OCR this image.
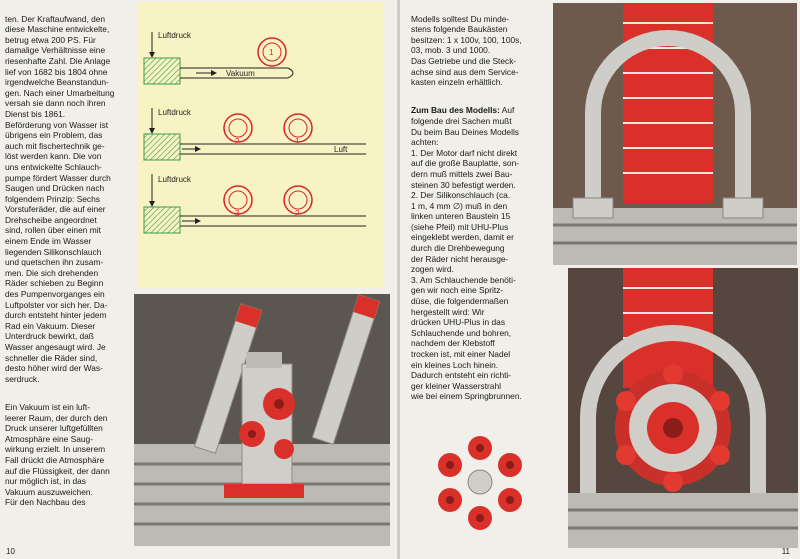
ten. Der Kraftaufwand, den
diese Maschine entwickelte,
betrug etwa 200 PS. Für
damalige Verhältnisse eine
riesenhafte Zahl. Die Anlage
lief von 1682 bis 1804 ohne
irgendwelche Beanstandun-
gen. Nach einer Umarbeitung
versah sie dann noch ihren
Dienst bis 1861.
Beförderung von Wasser ist
übrigens ein Problem, das
auch mit fischertechnik ge-
löst werden kann. Die von
uns entwickelte Schlauch-
pumpe fördert Wasser durch
Saugen und Drücken nach
folgendem Prinzip: Sechs
Vorstuferäder, die auf einer
Drehscheibe angeordnet
sind, rollen über einen mit
einem Ende im Wasser
liegenden Silikonschlauch
und quetschen ihn zusam-
men. Die sich drehenden
Räder schieben zu Beginn
des Pumpenvorganges ein
Luftpolster vor sich her. Da-
durch entsteht hinter jedem
Rad ein Vakuum. Dieser
Unterdruck bewirkt, daß
Wasser angesaugt wird. Je
schneller die Räder sind,
desto höher wird der Was-
serdruck.

Ein Vakuum ist ein luft-
leerer Raum, der durch den
Druck unserer luftgefüllten
Atmosphäre eine Saug-
wirkung erzielt. In unserem
Fall drückt die Atmosphäre
auf die Flüssigkeit, der dann
nur möglich ist, in das
Vakuum auszuweichen.
Für den Nachbau des

Luftdruck
Vakuum
1
Luftdruck
Luft
2	1
Luftdruck
3	2
10

Modells solltest Du minde-
stens folgende Baukästen
besitzen: 1 x 100v, 100, 100s,
03, mob. 3 und 1000.
Das Getriebe und die Steck-
achse sind aus dem Service-
kasten einzeln erhältlich.

Zum Bau des Modells: Auf
folgende drei Sachen mußt
Du beim Bau Deines Modells
achten:
1. Der Motor darf nicht direkt
auf die große Bauplatte, son-
dern muß mittels zwei Bau-
steinen 30 befestigt werden.
2. Der Silikonschlauch (ca.
1 m, 4 mm ∅) muß in den
linken unteren Baustein 15
(siehe Pfeil) mit UHU-Plus
eingeklebt werden, damit er
durch die Drehbewegung
der Räder nicht herausge-
zogen wird.
3. Am Schlauchende benöti-
gen wir noch eine Spritz-
düse, die folgendermaßen
hergestellt wird: Wir
drücken UHU-Plus in das
Schlauchende und bohren,
nachdem der Klebstoff
trocken ist, mit einer Nadel
ein kleines Loch hinein.
Dadurch entsteht ein richti-
ger kleiner Wasserstrahl
wie bei einem Springbrunnen.

11
